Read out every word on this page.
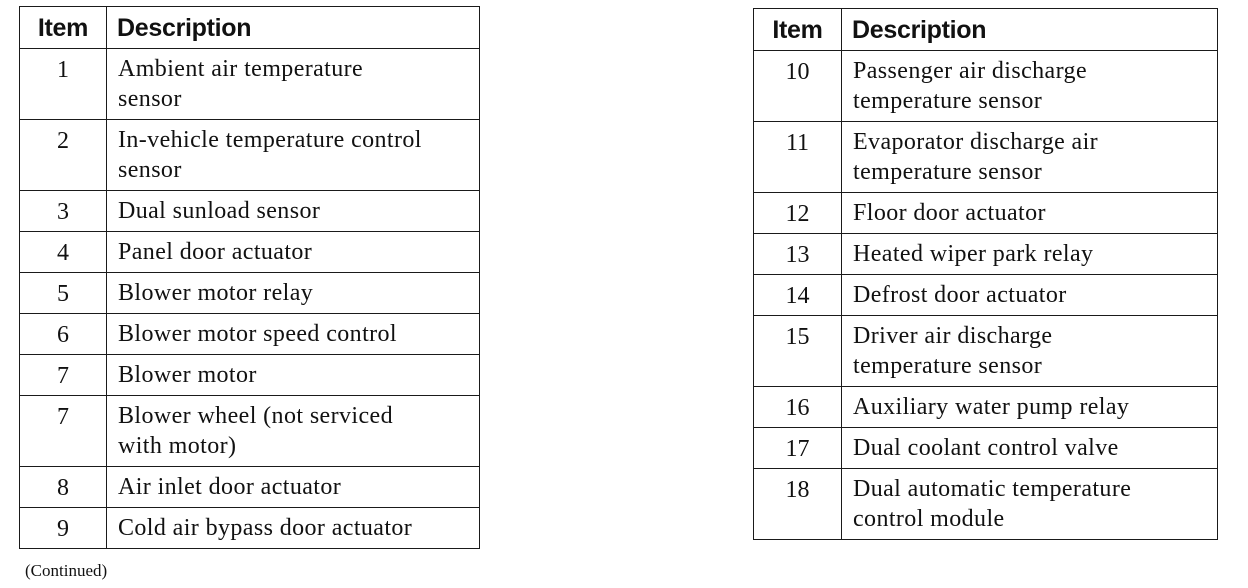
Item	Description
1	Ambient air temperature
sensor
2	In-vehicle temperature control
sensor
3	Dual sunload sensor
4	Panel door actuator
5	Blower motor relay
6	Blower motor speed control
7	Blower motor
7	Blower wheel (not serviced
with motor)
8	Air inlet door actuator
9	Cold air bypass door actuator
Item	Description
10	Passenger air discharge
temperature sensor
11	Evaporator discharge air
temperature sensor
12	Floor door actuator
13	Heated wiper park relay
14	Defrost door actuator
15	Driver air discharge
temperature sensor
16	Auxiliary water pump relay
17	Dual coolant control valve
18	Dual automatic temperature
control module
(Continued)
